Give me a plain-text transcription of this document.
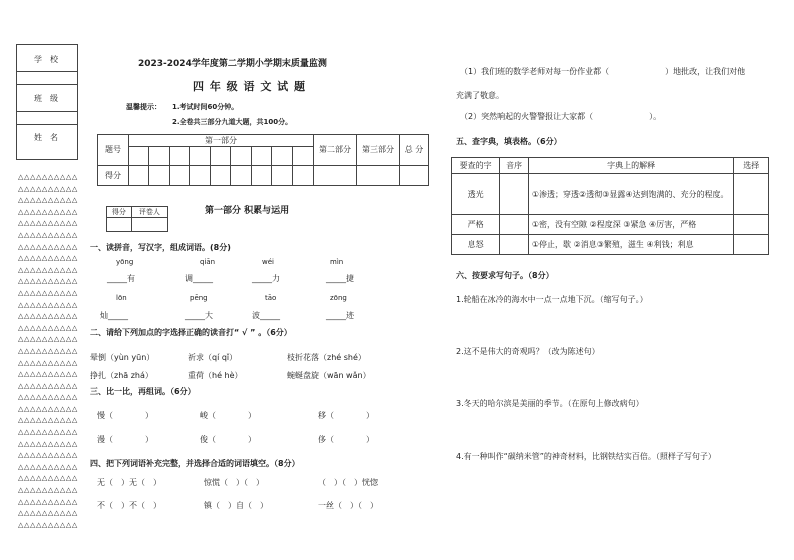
学　校
班　级
姓　名
△△△△△△△△△△
△△△△△△△△△△
△△△△△△△△△△
△△△△△△△△△△
△△△△△△△△△△
△△△△△△△△△△
△△△△△△△△△△
△△△△△△△△△△
△△△△△△△△△△
△△△△△△△△△△
△△△△△△△△△△
△△△△△△△△△△
△△△△△△△△△△
△△△△△△△△△△
△△△△△△△△△△
△△△△△△△△△△
△△△△△△△△△△
△△△△△△△△△△
△△△△△△△△△△
△△△△△△△△△△
△△△△△△△△△△
△△△△△△△△△△
△△△△△△△△△△
△△△△△△△△△△
△△△△△△△△△△
△△△△△△△△△△
△△△△△△△△△△
△△△△△△△△△△
△△△△△△△△△△
△△△△△△△△△△
△△△△△△△△△△
2023-2024学年度第二学期小学期末质量监测
四 年 级 语 文 试 题
温馨提示： 1.考试时间60分钟。
2.全卷共三部分九道大题，共100分。
题号	第一部分									第二部分	第三部分	总 分

得分												
得分	评卷人
		第一部分 积累与运用
一、读拼音，写汉字，组成词语。(8分)
yōng	qiān	wéi	mìn
_____有	调_____	_____力	_____捷
lōn	pēng	tāo	zōng
灿_____	_____大	波_____	_____迹
二、请给下列加点的字选择正确的读音打“ √ ” 。（6分）
晕倒（yùn yūn）	祈求（qí qǐ）	枝折花落（zhé shé）
挣扎（zhā zhá）	重荷（hé hè）	蜿蜒盘旋（wān wǎn）
三、比一比，再组词。（6分）
慢（　　　　）	峻（　　　　）	移（　　　　）
漫（　　　　）	俊（　　　　）	侈（　　　　）
四、把下列词语补充完整，并选择合适的词语填空。（8分）
无（　）无（　）	惊慌（　）（　）	（　）（　）恍惚
不（　）不（　）	镇（　）自（　）	一丝（　）（　）
（1）我们班的数学老师对每一份作业都（　　　　　　　）地批改，让我们对他
充满了敬意。
（2）突然响起的火警警报让大家都（　　　　　　　）。
五、查字典，填表格。（6分）
要查的字	音序	字典上的解释	选择
透光		①渗透；穿透②透彻③显露④达到饱满的、充分的程度。	
严格		①密，没有空隙 ②程度深 ③紧急 ④厉害，严格	
息怒		①停止，歇 ②消息③繁殖，滋生 ④利钱；利息	
六、按要求写句子。（8分）
1.轮船在冰冷的海水中一点一点地下沉。（缩写句子。）
2.这不是伟大的奇观吗？（改为陈述句）
3.冬天的哈尔滨是美丽的季节。（在原句上修改病句）
4.有一种叫作“碳纳米管”的神奇材料，比钢铁结实百倍。（照样子写句子）
